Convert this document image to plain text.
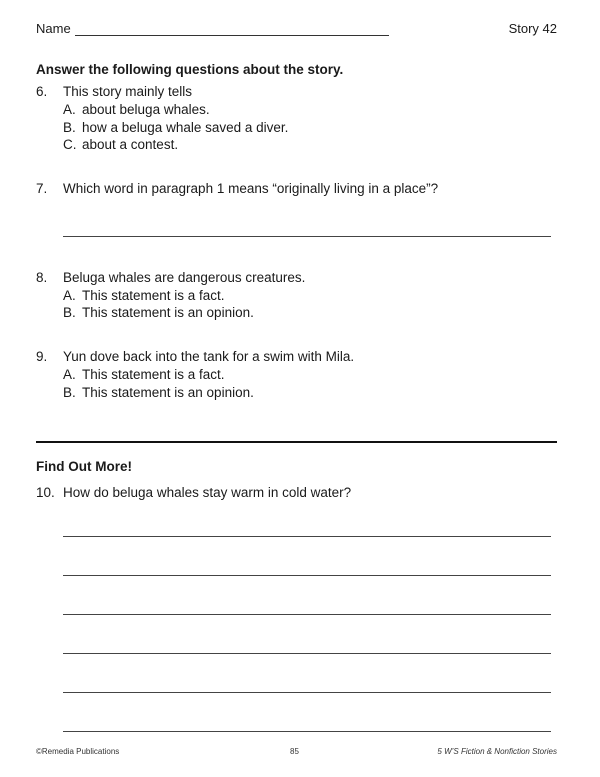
Name	Story 42
Answer the following questions about the story.
6.	This story mainly tells
A. about beluga whales.
B. how a beluga whale saved a diver.
C. about a contest.
7.	Which word in paragraph 1 means “originally living in a place”?
8.	Beluga whales are dangerous creatures.
A. This statement is a fact.
B. This statement is an opinion.
9.	Yun dove back into the tank for a swim with Mila.
A. This statement is a fact.
B. This statement is an opinion.
Find Out More!
10. How do beluga whales stay warm in cold water?
©Remedia Publications	85	5 W’S Fiction & Nonfiction Stories
